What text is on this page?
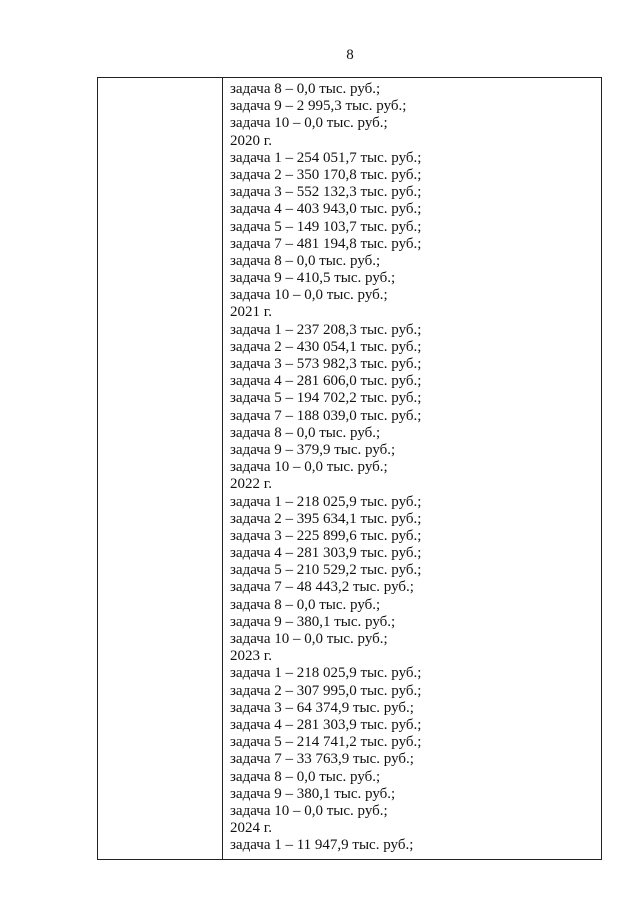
8
задача 8 – 0,0 тыс. руб.;
задача 9 – 2 995,3 тыс. руб.;
задача 10 – 0,0 тыс. руб.;
2020 г.
задача 1 – 254 051,7 тыс. руб.;
задача 2 – 350 170,8 тыс. руб.;
задача 3 – 552 132,3 тыс. руб.;
задача 4 – 403 943,0 тыс. руб.;
задача 5 – 149 103,7 тыс. руб.;
задача 7 – 481 194,8 тыс. руб.;
задача 8 – 0,0 тыс. руб.;
задача 9 – 410,5 тыс. руб.;
задача 10 – 0,0 тыс. руб.;
2021 г.
задача 1 – 237 208,3 тыс. руб.;
задача 2 – 430 054,1 тыс. руб.;
задача 3 – 573 982,3 тыс. руб.;
задача 4 – 281 606,0 тыс. руб.;
задача 5 – 194 702,2 тыс. руб.;
задача 7 – 188 039,0 тыс. руб.;
задача 8 – 0,0 тыс. руб.;
задача 9 – 379,9 тыс. руб.;
задача 10 – 0,0 тыс. руб.;
2022 г.
задача 1 – 218 025,9 тыс. руб.;
задача 2 – 395 634,1 тыс. руб.;
задача 3 – 225 899,6 тыс. руб.;
задача 4 – 281 303,9 тыс. руб.;
задача 5 – 210 529,2 тыс. руб.;
задача 7 – 48 443,2 тыс. руб.;
задача 8 – 0,0 тыс. руб.;
задача 9 – 380,1 тыс. руб.;
задача 10 – 0,0 тыс. руб.;
2023 г.
задача 1 – 218 025,9 тыс. руб.;
задача 2 – 307 995,0 тыс. руб.;
задача 3 – 64 374,9 тыс. руб.;
задача 4 – 281 303,9 тыс. руб.;
задача 5 – 214 741,2 тыс. руб.;
задача 7 – 33 763,9 тыс. руб.;
задача 8 – 0,0 тыс. руб.;
задача 9 – 380,1 тыс. руб.;
задача 10 – 0,0 тыс. руб.;
2024 г.
задача 1 – 11 947,9 тыс. руб.;
